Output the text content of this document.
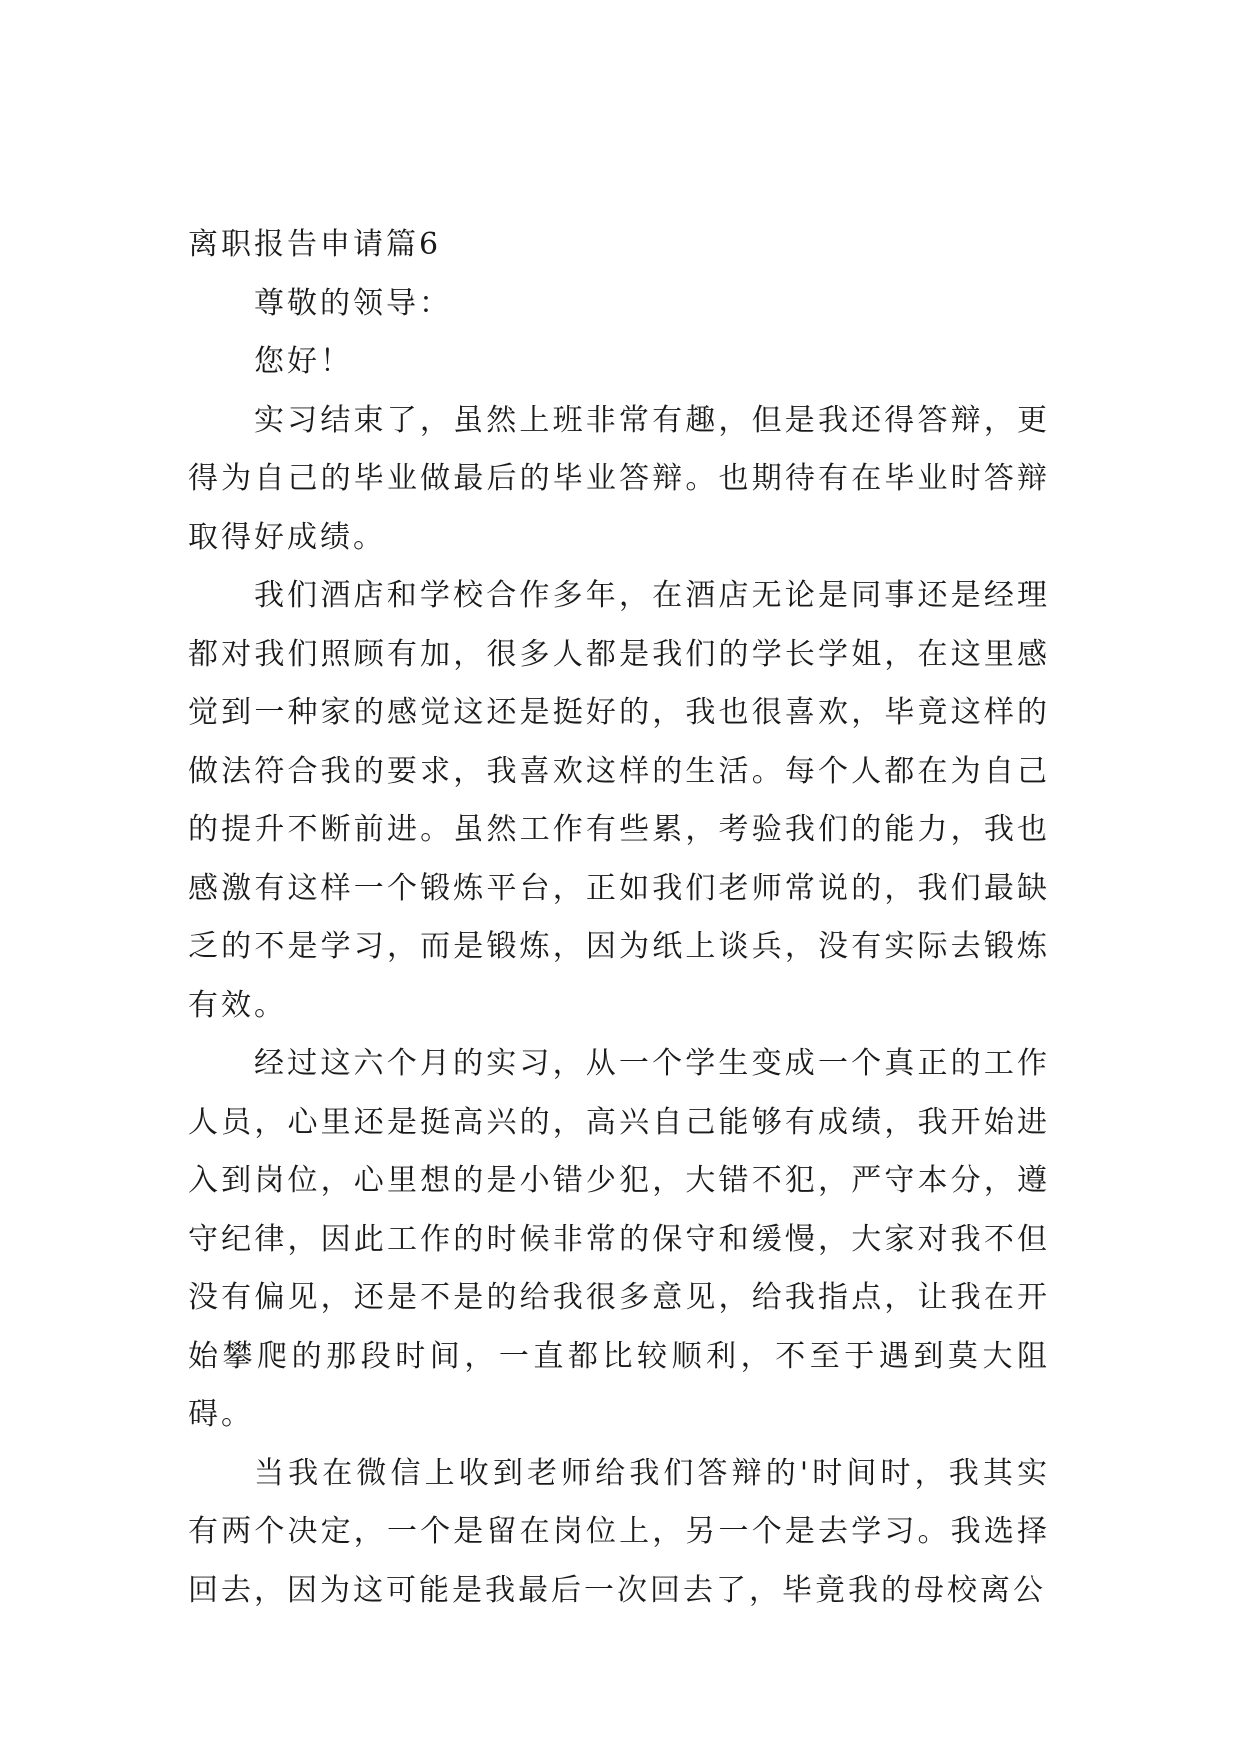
离职报告申请篇6

尊敬的领导：

您好！

实习结束了，虽然上班非常有趣，但是我还得答辩，更得为自己的毕业做最后的毕业答辩。也期待有在毕业时答辩取得好成绩。

我们酒店和学校合作多年，在酒店无论是同事还是经理都对我们照顾有加，很多人都是我们的学长学姐，在这里感觉到一种家的感觉这还是挺好的，我也很喜欢，毕竟这样的做法符合我的要求，我喜欢这样的生活。每个人都在为自己的提升不断前进。虽然工作有些累，考验我们的能力，我也感激有这样一个锻炼平台，正如我们老师常说的，我们最缺乏的不是学习，而是锻炼，因为纸上谈兵，没有实际去锻炼有效。

经过这六个月的实习，从一个学生变成一个真正的工作人员，心里还是挺高兴的，高兴自己能够有成绩，我开始进入到岗位，心里想的是小错少犯，大错不犯，严守本分，遵守纪律，因此工作的时候非常的保守和缓慢，大家对我不但没有偏见，还是不是的给我很多意见，给我指点，让我在开始攀爬的那段时间，一直都比较顺利，不至于遇到莫大阻碍。

当我在微信上收到老师给我们答辩的'时间时，我其实有两个决定，一个是留在岗位上，另一个是去学习。我选择回去，因为这可能是我最后一次回去了，毕竟我的母校离公
